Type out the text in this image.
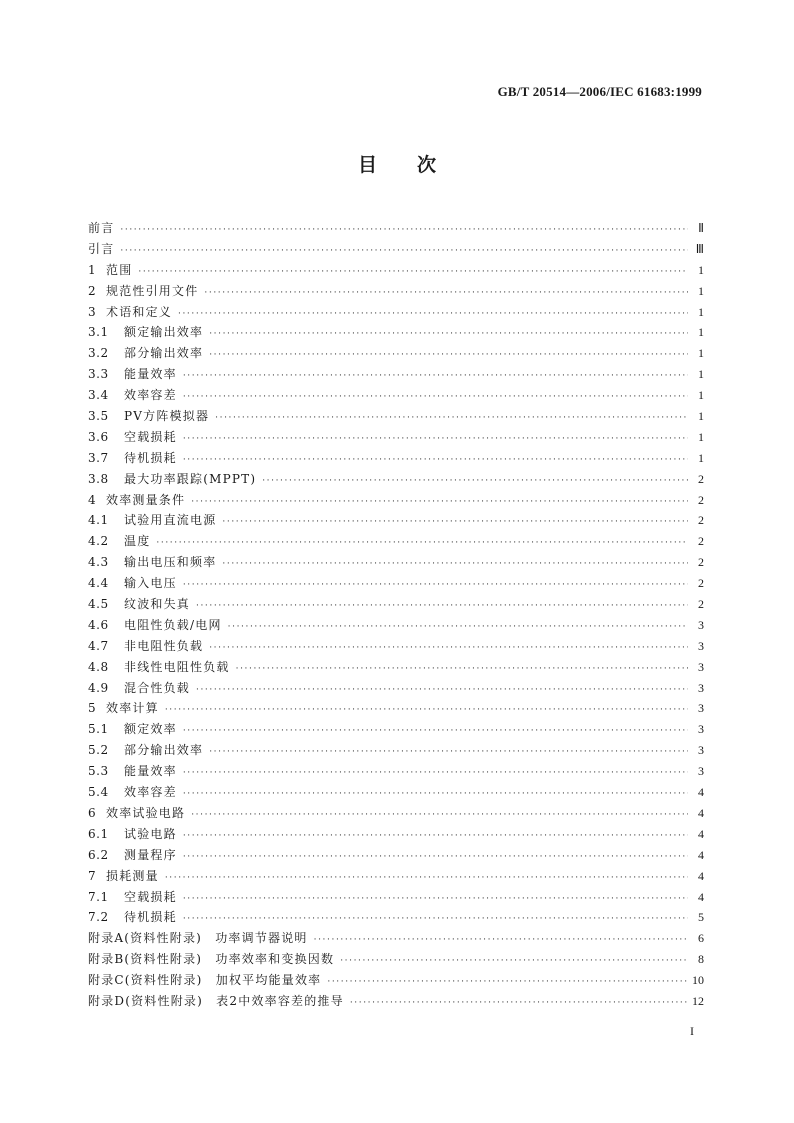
GB/T 20514—2006/IEC 61683:1999
目次
前言 ·····	Ⅱ
引言 ·····	Ⅲ
1 范围 ·····	1
2 规范性引用文件 ·····	1
3 术语和定义 ·····	1
3.1	额定输出效率 ·····	1
3.2	部分输出效率 ·····	1
3.3	能量效率 ·····	1
3.4	效率容差 ·····	1
3.5	PV方阵模拟器 ·····	1
3.6	空载损耗 ·····	1
3.7	待机损耗 ·····	1
3.8	最大功率跟踪(MPPT) ·····	2
4 效率测量条件 ·····	2
4.1	试验用直流电源 ·····	2
4.2	温度 ·····	2
4.3	输出电压和频率 ·····	2
4.4	输入电压 ·····	2
4.5	纹波和失真 ·····	2
4.6	电阻性负载/电网 ·····	3
4.7	非电阻性负载 ·····	3
4.8	非线性电阻性负载 ·····	3
4.9	混合性负载 ·····	3
5 效率计算 ·····	3
5.1	额定效率 ·····	3
5.2	部分输出效率 ·····	3
5.3	能量效率 ·····	3
5.4	效率容差 ·····	4
6 效率试验电路 ·····	4
6.1	试验电路 ·····	4
6.2	测量程序 ·····	4
7 损耗测量 ·····	4
7.1	空载损耗 ·····	4
7.2	待机损耗 ·····	5
附录A(资料性附录)　功率调节器说明 ·····	6
附录B(资料性附录)　功率效率和变换因数 ·····	8
附录C(资料性附录)　加权平均能量效率 ·····	10
附录D(资料性附录)　表2中效率容差的推导 ·····	12
I
